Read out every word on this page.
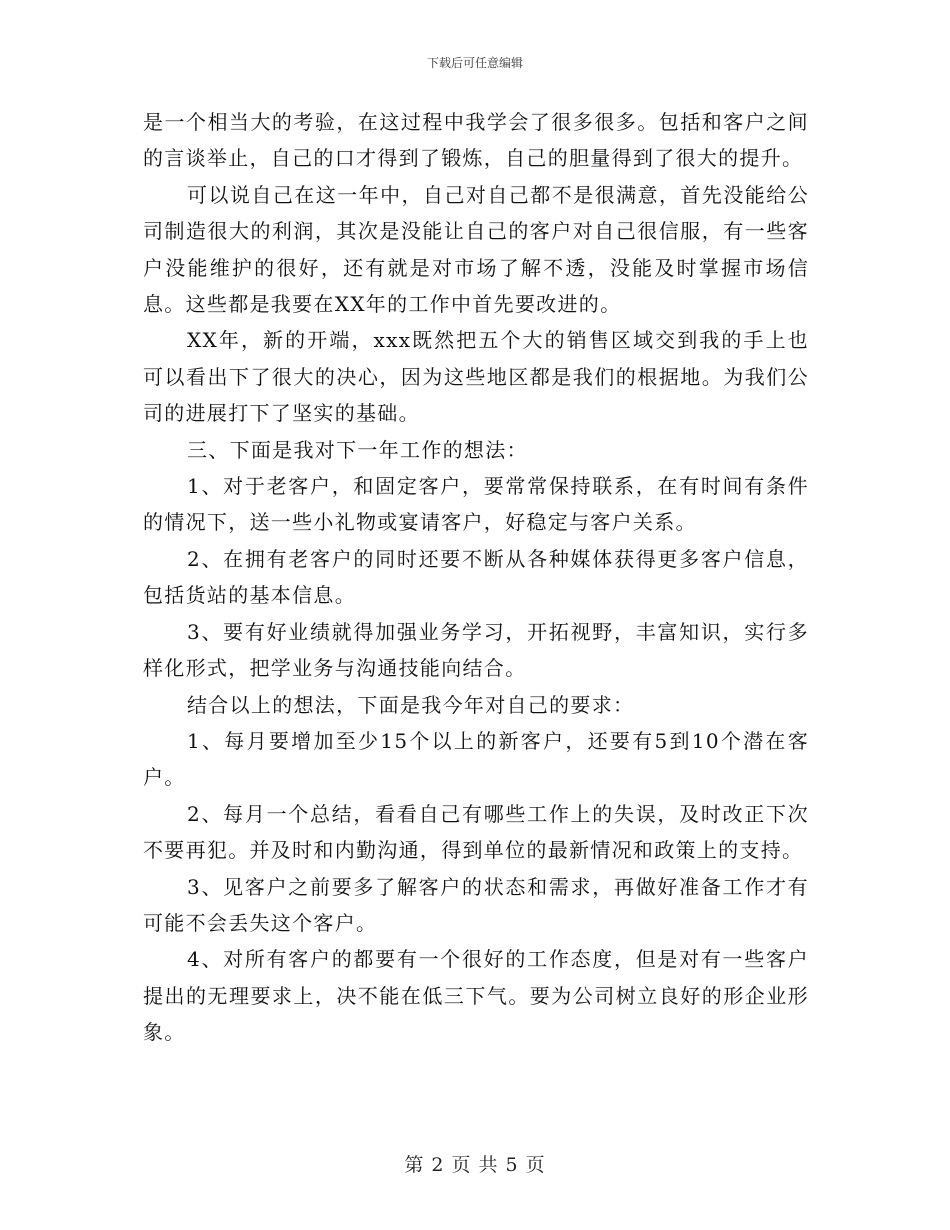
下载后可任意编辑

是一个相当大的考验，在这过程中我学会了很多很多。包括和客户之间的言谈举止，自己的口才得到了锻炼，自己的胆量得到了很大的提升。

可以说自己在这一年中，自己对自己都不是很满意，首先没能给公司制造很大的利润，其次是没能让自己的客户对自己很信服，有一些客户没能维护的很好，还有就是对市场了解不透，没能及时掌握市场信息。这些都是我要在XX年的工作中首先要改进的。

XX年，新的开端，xxx既然把五个大的销售区域交到我的手上也可以看出下了很大的决心，因为这些地区都是我们的根据地。为我们公司的进展打下了坚实的基础。

三、下面是我对下一年工作的想法：

1、对于老客户，和固定客户，要常常保持联系，在有时间有条件的情况下，送一些小礼物或宴请客户，好稳定与客户关系。

2、在拥有老客户的同时还要不断从各种媒体获得更多客户信息，包括货站的基本信息。

3、要有好业绩就得加强业务学习，开拓视野，丰富知识，实行多样化形式，把学业务与沟通技能向结合。

结合以上的想法，下面是我今年对自己的要求：

1、每月要增加至少15个以上的新客户，还要有5到10个潜在客户。

2、每月一个总结，看看自己有哪些工作上的失误，及时改正下次不要再犯。并及时和内勤沟通，得到单位的最新情况和政策上的支持。

3、见客户之前要多了解客户的状态和需求，再做好准备工作才有可能不会丢失这个客户。

4、对所有客户的都要有一个很好的工作态度，但是对有一些客户提出的无理要求上，决不能在低三下气。要为公司树立良好的形企业形象。

第 2 页 共 5 页
